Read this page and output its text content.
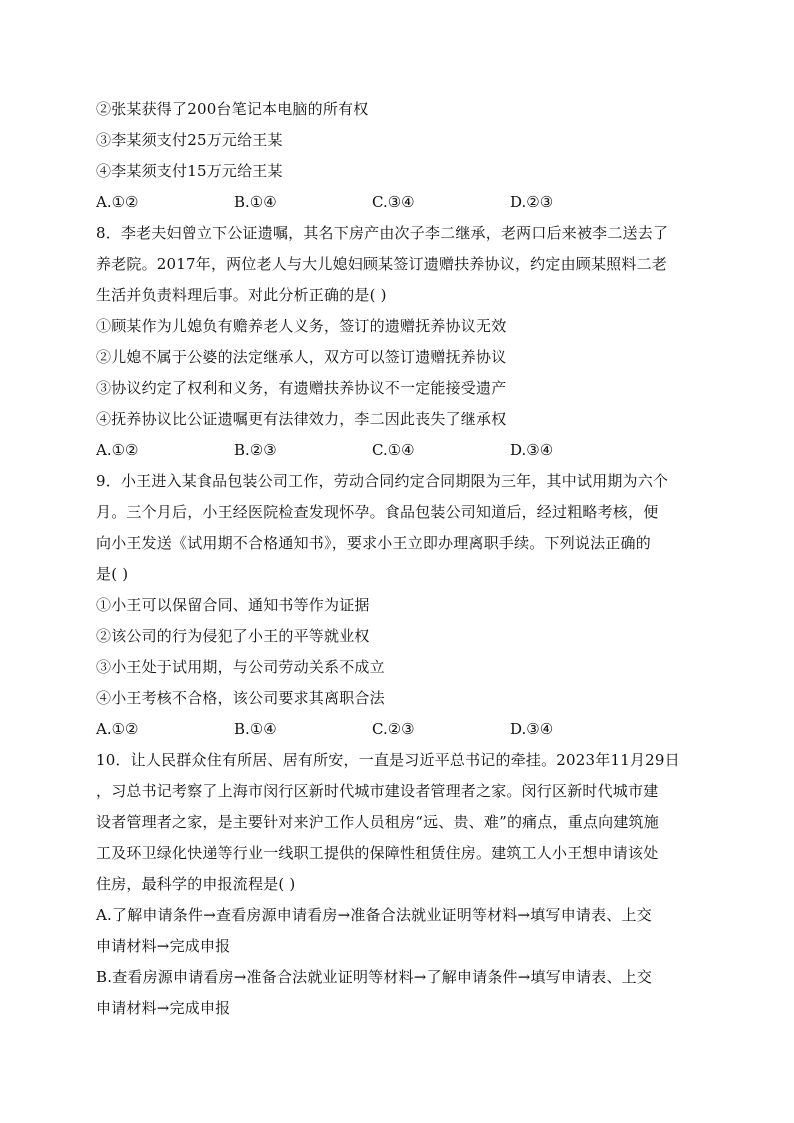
②张某获得了200台笔记本电脑的所有权
③李某须支付25万元给王某
④李某须支付15万元给王某
A.①②	B.①④	C.③④	D.②③
8．李老夫妇曾立下公证遗嘱，其名下房产由次子李二继承，老两口后来被李二送去了
养老院。2017年，两位老人与大儿媳妇顾某签订遗赠扶养协议，约定由顾某照料二老
生活并负责料理后事。对此分析正确的是( )
①顾某作为儿媳负有赡养老人义务，签订的遗赠抚养协议无效
②儿媳不属于公婆的法定继承人，双方可以签订遗赠抚养协议
③协议约定了权利和义务，有遗赠扶养协议不一定能接受遗产
④抚养协议比公证遗嘱更有法律效力，李二因此丧失了继承权
A.①②	B.②③	C.①④	D.③④
9．小王进入某食品包装公司工作，劳动合同约定合同期限为三年，其中试用期为六个
月。三个月后，小王经医院检查发现怀孕。食品包装公司知道后，经过粗略考核，便
向小王发送《试用期不合格通知书》，要求小王立即办理离职手续。下列说法正确的
是( )
①小王可以保留合同、通知书等作为证据
②该公司的行为侵犯了小王的平等就业权
③小王处于试用期，与公司劳动关系不成立
④小王考核不合格，该公司要求其离职合法
A.①②	B.①④	C.②③	D.③④
10．让人民群众住有所居、居有所安，一直是习近平总书记的牵挂。2023年11月29日
，习总书记考察了上海市闵行区新时代城市建设者管理者之家。闵行区新时代城市建
设者管理者之家，是主要针对来沪工作人员租房“远、贵、难”的痛点，重点向建筑施
工及环卫绿化快递等行业一线职工提供的保障性租赁住房。建筑工人小王想申请该处
住房，最科学的申报流程是( )
A.了解申请条件→查看房源申请看房→准备合法就业证明等材料→填写申请表、上交
申请材料→完成申报
B.查看房源申请看房→准备合法就业证明等材料→了解申请条件→填写申请表、上交
申请材料→完成申报
